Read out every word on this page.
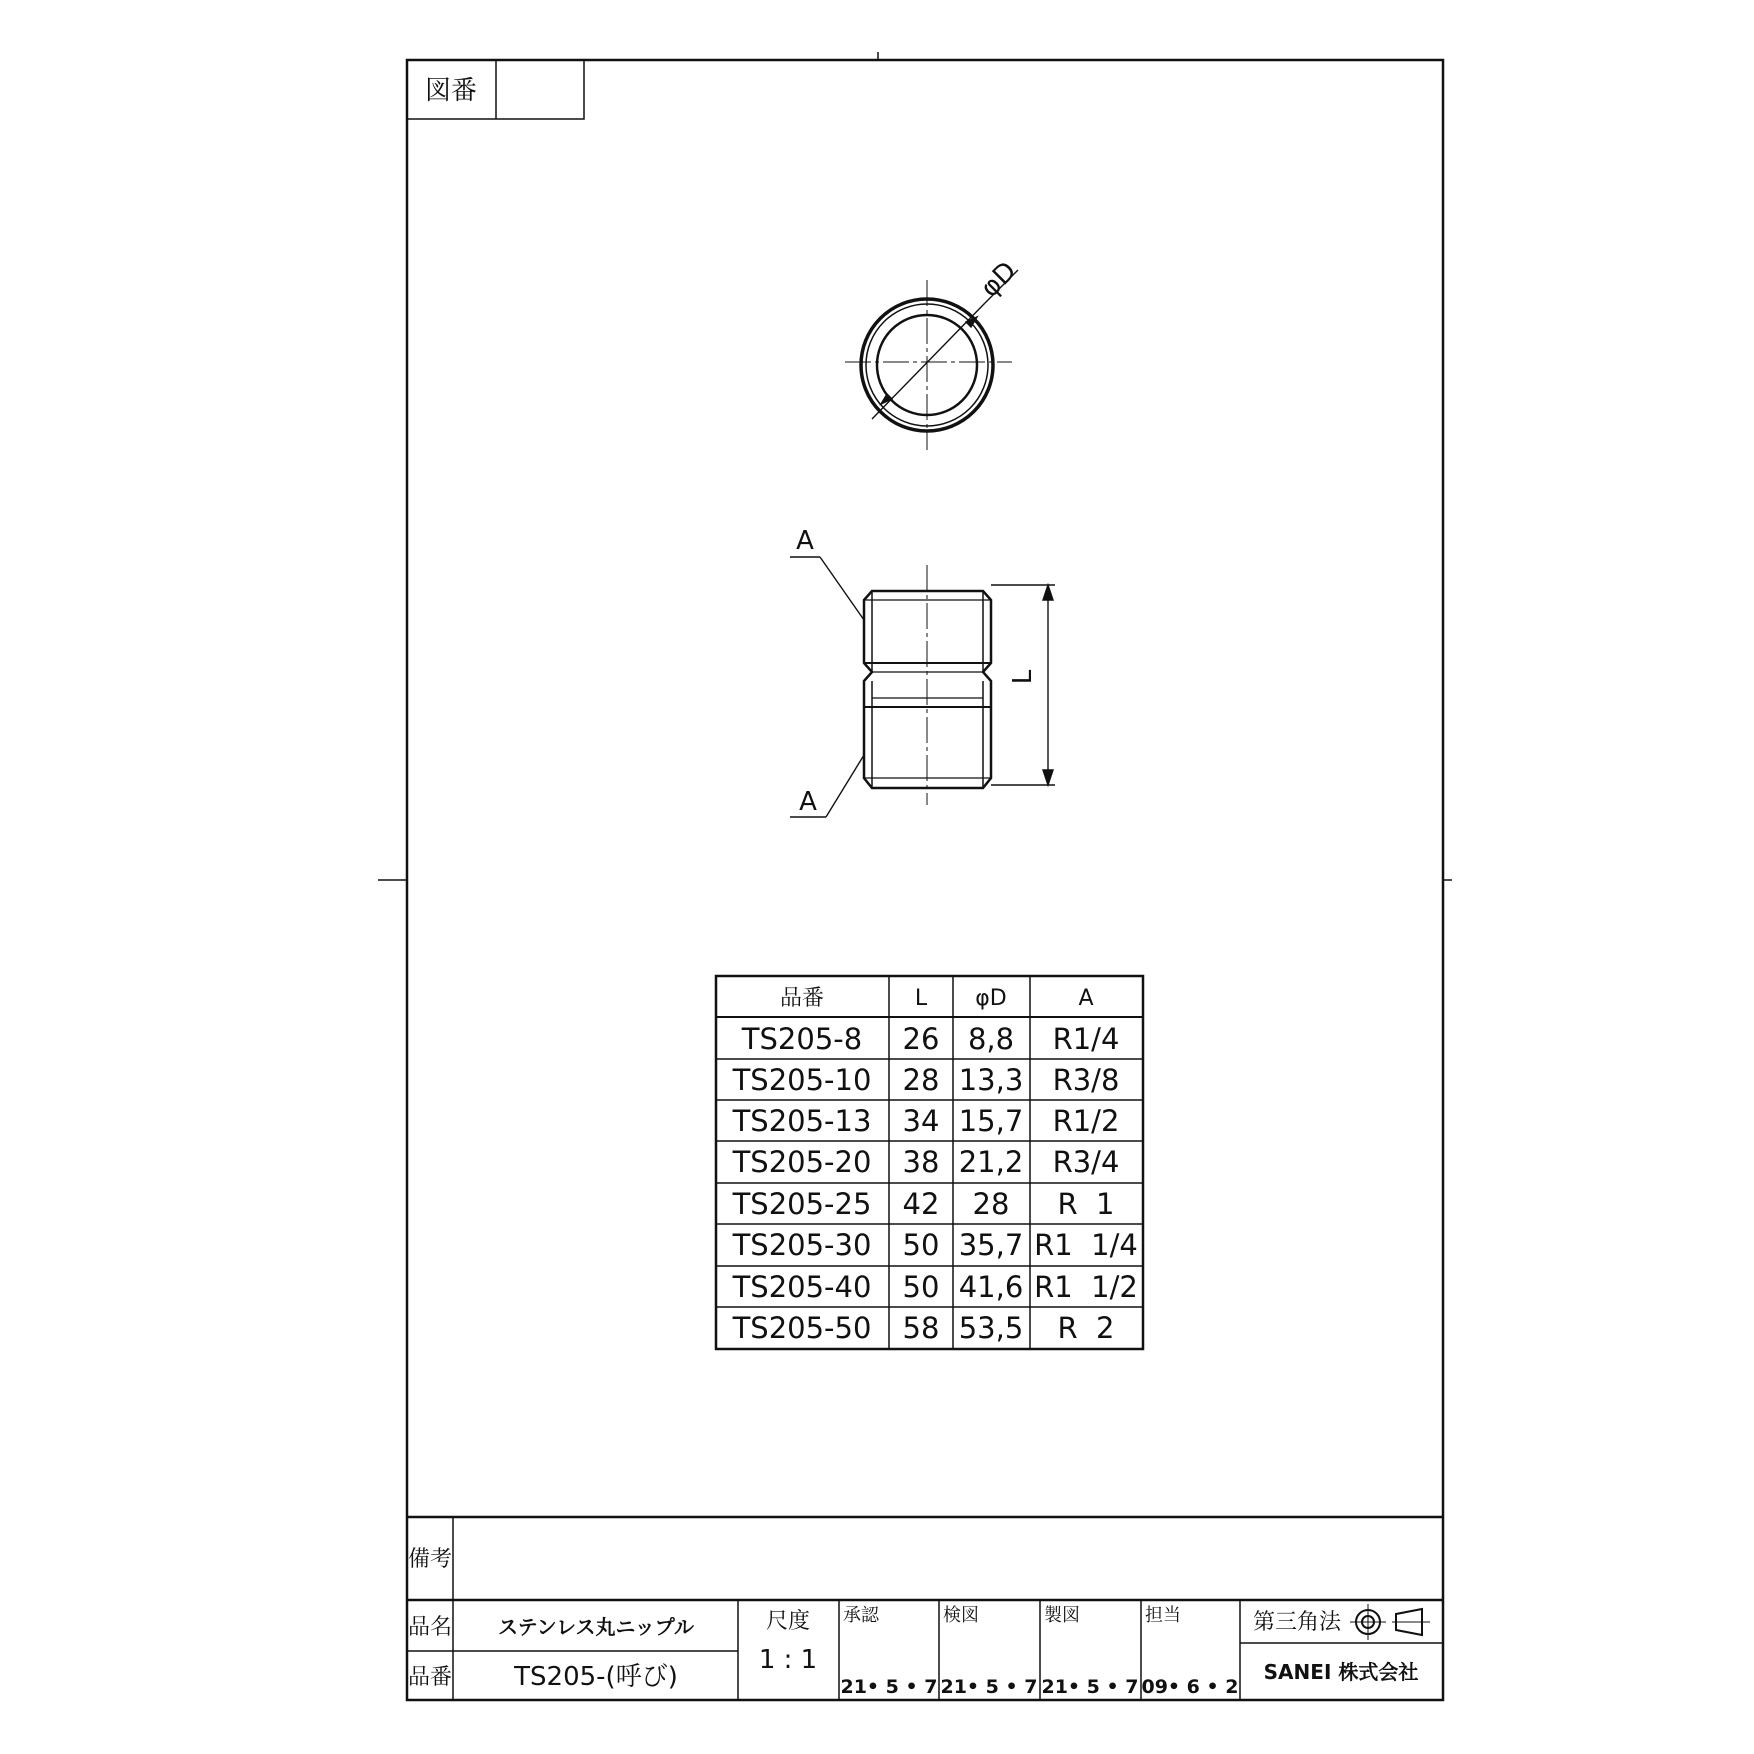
図番
φD
L
A
A
品番	L φD	A
TS205-8 26 8,8 R1/4
TS205-10 28 13,3 R3/8
TS205-13 34 15,7 R1/2
TS205-20 38 21,2 R3/4
TS205-25 42 28 R  1
TS205-30 50 35,7 R1  1/4
TS205-40 50 41,6 R1  1/2
TS205-50 58 53,5 R  2
備考
品名 ステンレス丸ニップル
品番 TS205-(呼び)
尺度
1 : 1
承認
21• 5 • 7
検図
21• 5 • 7
製図
21• 5 • 7
担当
09• 6 • 2
第三角法
SANEI 株式会社
